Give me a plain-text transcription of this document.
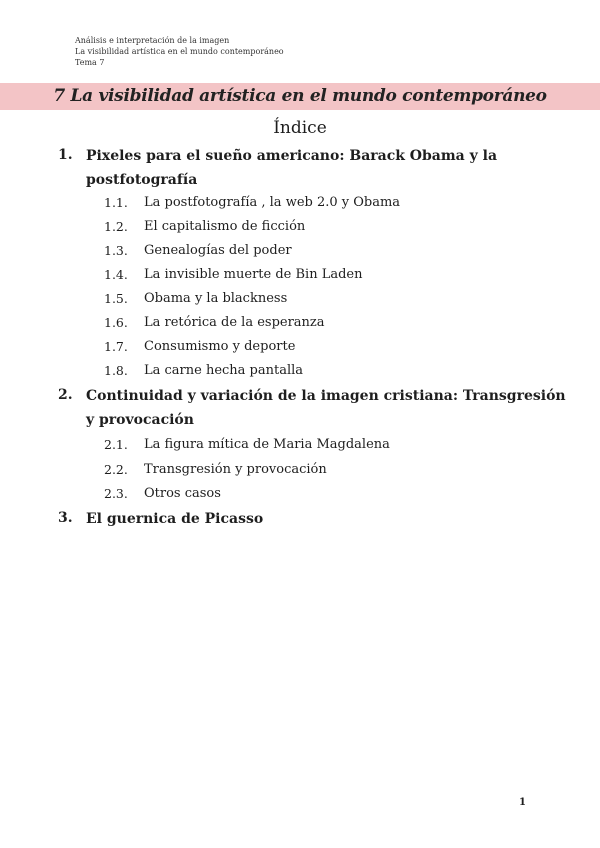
Análisis e interpretación de la imagen
La visibilidad artística en el mundo contemporáneo
Tema 7
7 La visibilidad artística en el mundo contemporáneo
Índice
1. Pixeles para el sueño americano: Barack Obama y la postfotografía
1.1. La postfotografía , la web 2.0 y Obama
1.2. El capitalismo de ficción
1.3. Genealogías del poder
1.4. La invisible muerte de Bin Laden
1.5. Obama y la blackness
1.6. La retórica de la esperanza
1.7. Consumismo y deporte
1.8. La carne hecha pantalla
2. Continuidad y variación de la imagen cristiana: Transgresión y provocación
2.1. La figura mítica de Maria Magdalena
2.2. Transgresión y provocación
2.3. Otros casos
3. El guernica de Picasso
1
